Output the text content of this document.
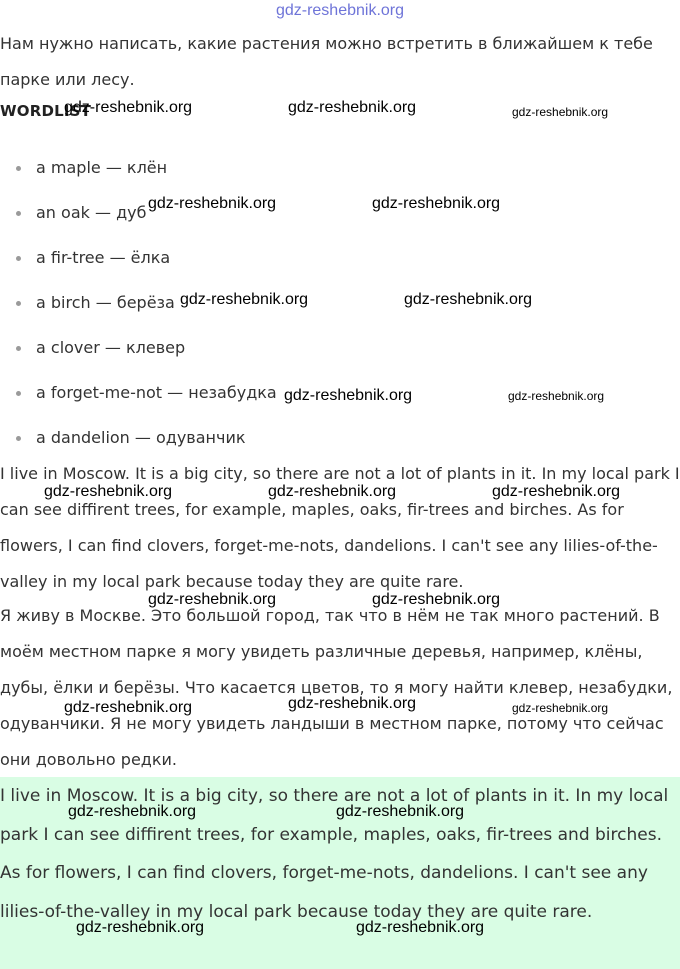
gdz-reshebnik.org

Нам нужно написать, какие растения можно встретить в ближайшем к тебе парке или лесу.

WORDLIST
a maple — клён
an oak — дуб
a fir-tree — ёлка
a birch — берёза
a clover — клевер
a forget-me-not — незабудка
a dandelion — одуванчик

I live in Moscow. It is a big city, so there are not a lot of plants in it. In my local park I can see diffirent trees, for example, maples, oaks, fir-trees and birches. As for flowers, I can find clovers, forget-me-nots, dandelions. I can't see any lilies-of-the-valley in my local park because today they are quite rare.

Я живу в Москве. Это большой город, так что в нём не так много растений. В моём местном парке я могу увидеть различные деревья, например, клёны, дубы, ёлки и берёзы. Что касается цветов, то я могу найти клевер, незабудки, одуванчики. Я не могу увидеть ландыши в местном парке, потому что сейчас они довольно редки.

I live in Moscow. It is a big city, so there are not a lot of plants in it. In my local park I can see diffirent trees, for example, maples, oaks, fir-trees and birches. As for flowers, I can find clovers, forget-me-nots, dandelions. I can't see any lilies-of-the-valley in my local park because today they are quite rare.

gdz-reshebnik.org	gdz-reshebnik.org	gdz-reshebnik.org
gdz-reshebnik.org	gdz-reshebnik.org
gdz-reshebnik.org	gdz-reshebnik.org
gdz-reshebnik.org	gdz-reshebnik.org
gdz-reshebnik.org	gdz-reshebnik.org	gdz-reshebnik.org
gdz-reshebnik.org	gdz-reshebnik.org
gdz-reshebnik.org	gdz-reshebnik.org	gdz-reshebnik.org
gdz-reshebnik.org	gdz-reshebnik.org
gdz-reshebnik.org	gdz-reshebnik.org
